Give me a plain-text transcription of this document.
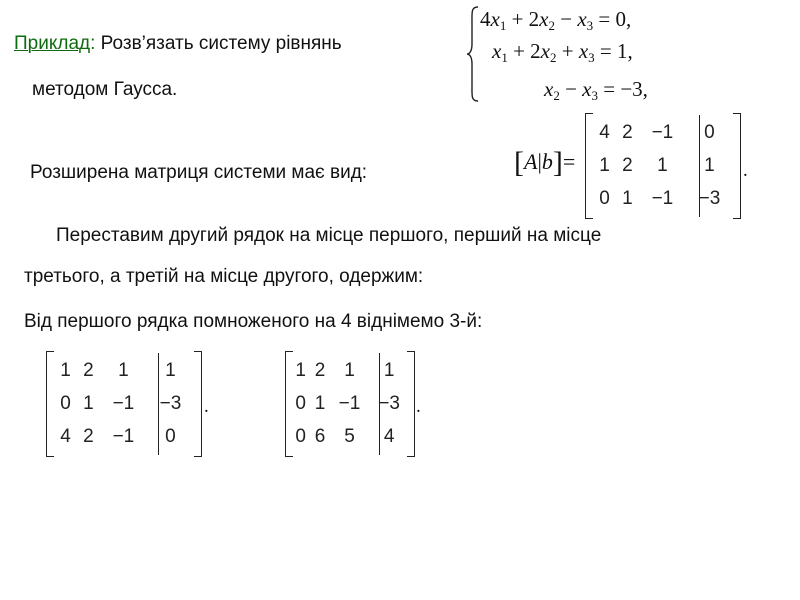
Приклад: Розв’язать систему рівнянь
методом Гаусса.
$4x_1 + 2x_2 - x_3 = 0$,
$x_1 + 2x_2 + x_3 = 1$,
$x_2 - x_3 = -3$,
Розширена матриця системи має вид:	[A|b]=
4	2	−1	0
1	2	1	1
0	1	−1	−3
.
Переставим другий рядок на місце першого, перший на місце
третього, а третій на місце другого, одержим:
Від першого рядка помноженого на 4 віднімемо 3-й:
1	2	1	1
0	1	−1	−3
4	2	−1	0
.
1	2	1	1
0	1	−1	−3
0	6	5	4
.
